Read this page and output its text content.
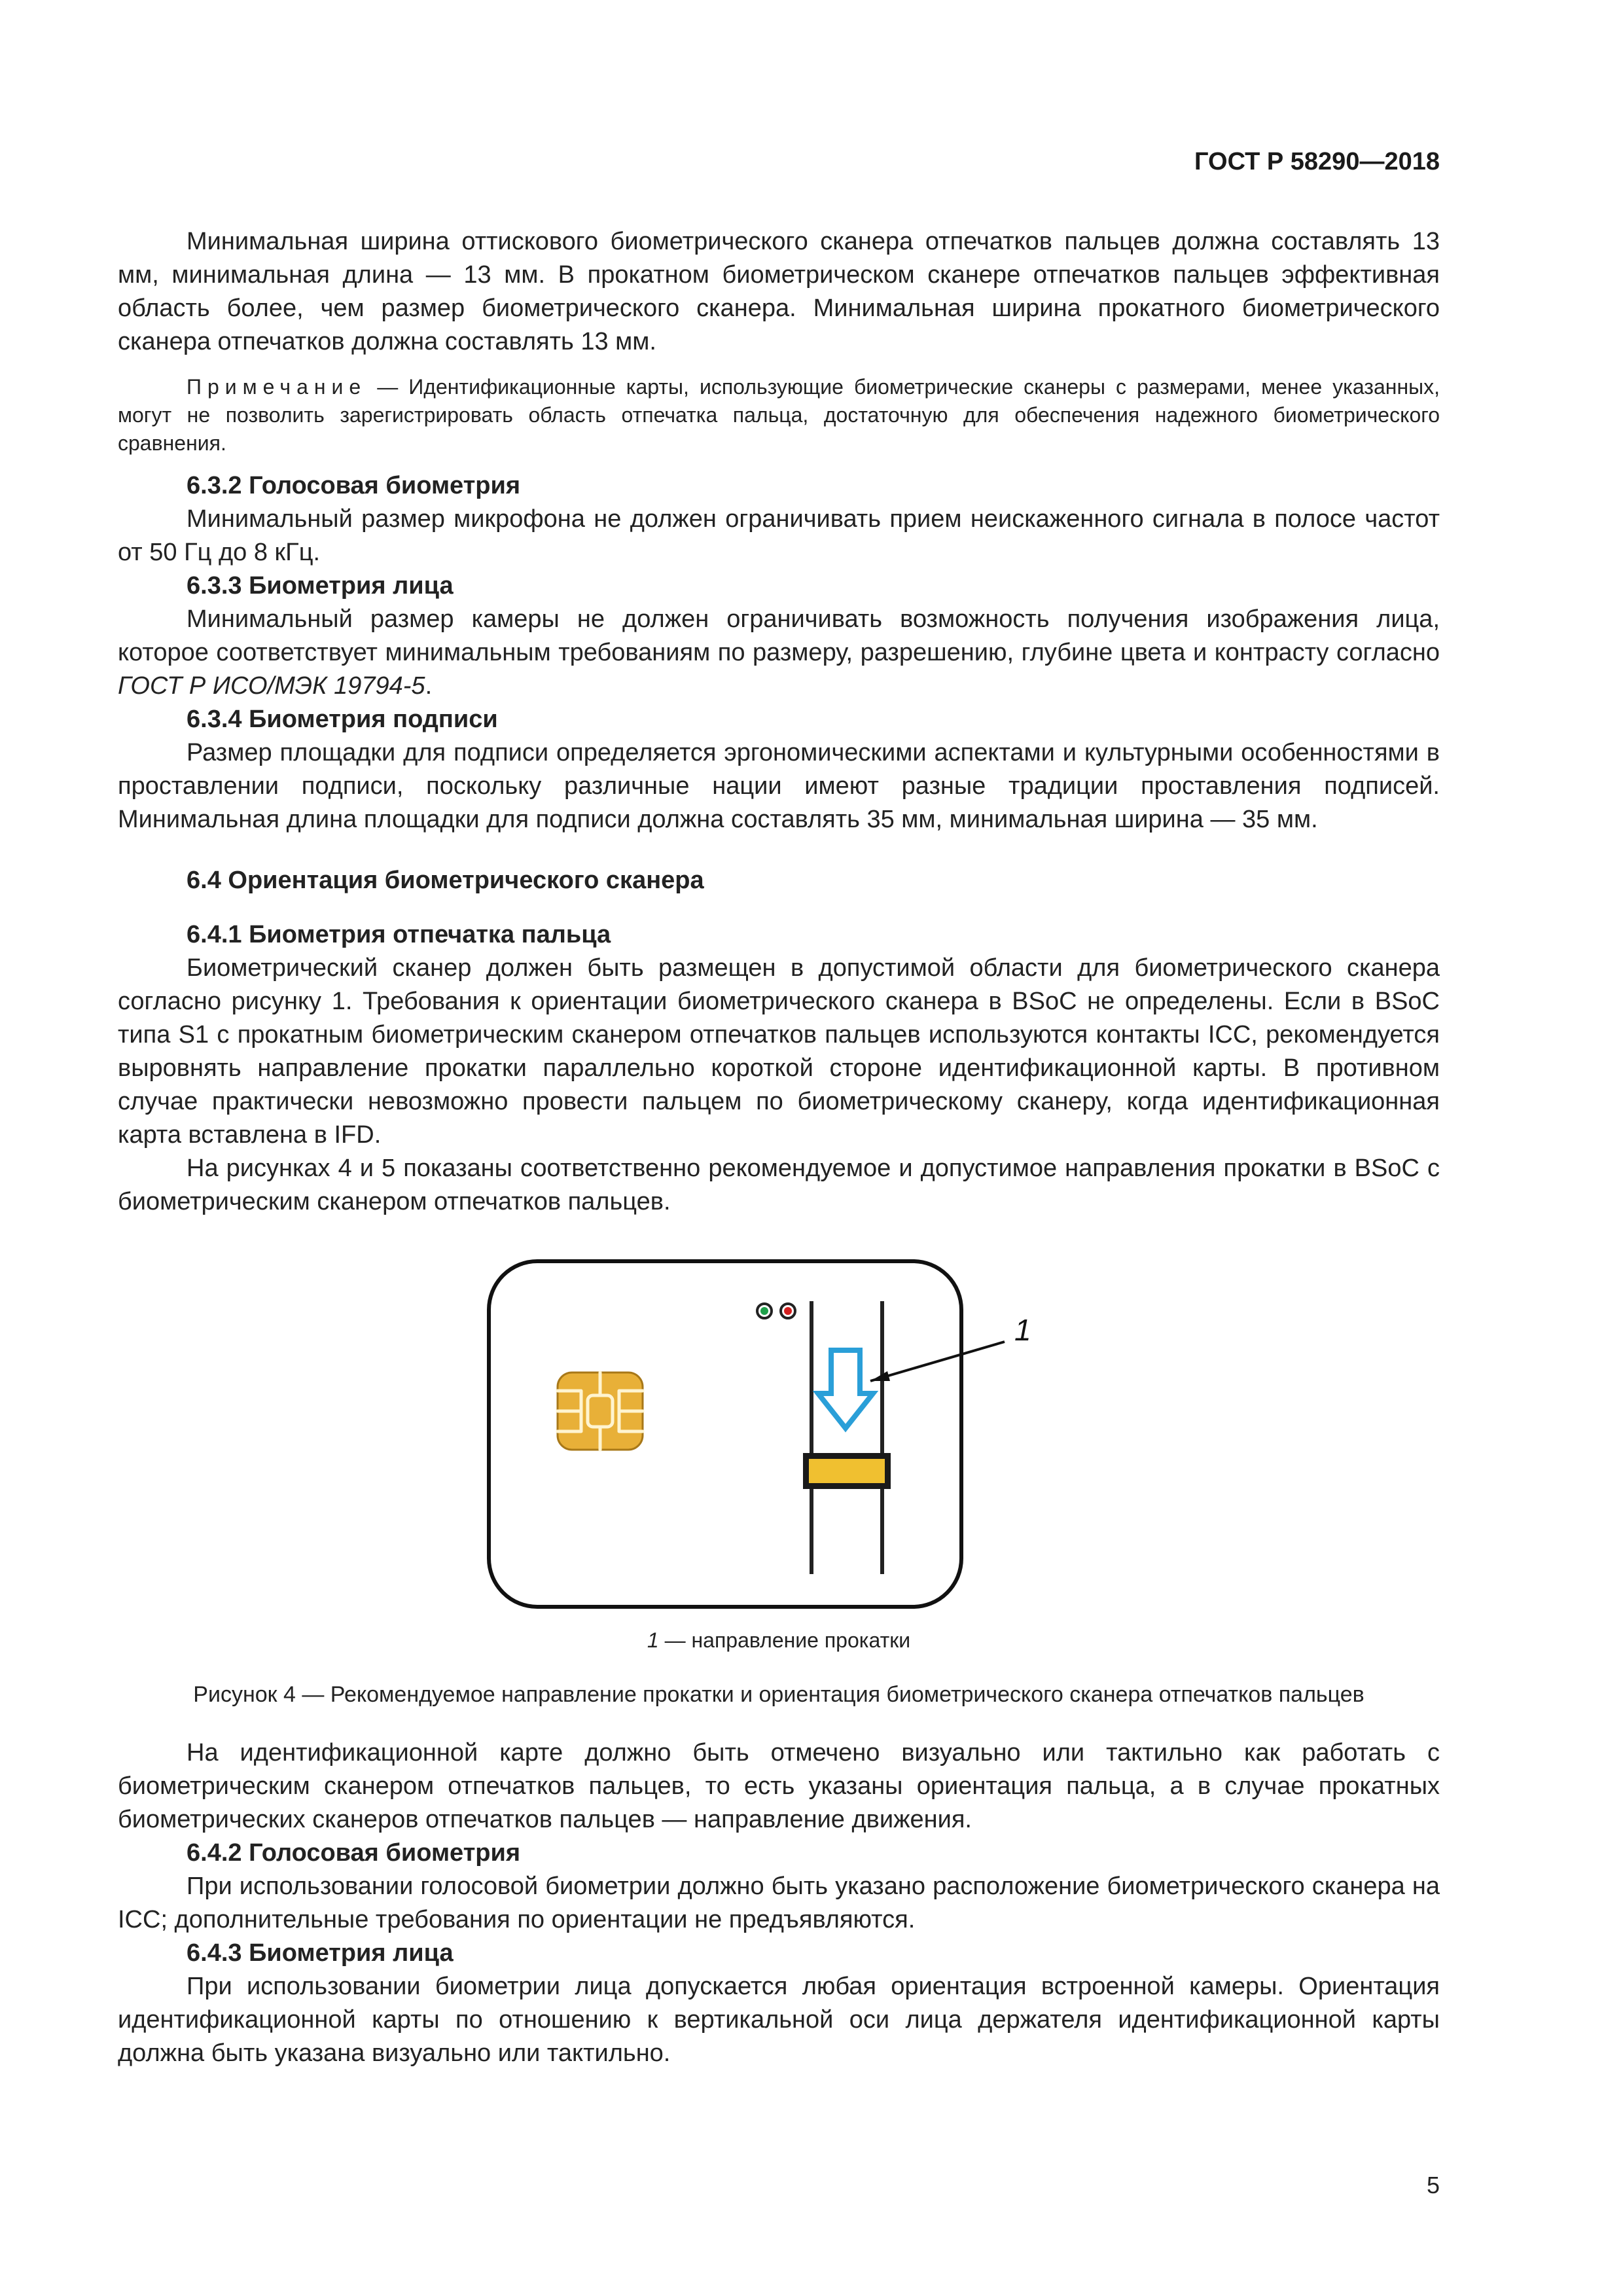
ГОСТ Р 58290—2018

Минимальная ширина оттискового биометрического сканера отпечатков пальцев должна составлять 13 мм, минимальная длина — 13 мм. В прокатном биометрическом сканере отпечатков пальцев эффективная область более, чем размер биометрического сканера. Минимальная ширина прокатного биометрического сканера отпечатков должна составлять 13 мм.

Примечание — Идентификационные карты, использующие биометрические сканеры с размерами, менее указанных, могут не позволить зарегистрировать область отпечатка пальца, достаточную для обеспечения надежного биометрического сравнения.

6.3.2 Голосовая биометрия

Минимальный размер микрофона не должен ограничивать прием неискаженного сигнала в полосе частот от 50 Гц до 8 кГц.

6.3.3 Биометрия лица

Минимальный размер камеры не должен ограничивать возможность получения изображения лица, которое соответствует минимальным требованиям по размеру, разрешению, глубине цвета и контрасту согласно ГОСТ Р ИСО/МЭК 19794-5.

6.3.4 Биометрия подписи

Размер площадки для подписи определяется эргономическими аспектами и культурными особенностями в проставлении подписи, поскольку различные нации имеют разные традиции проставления подписей. Минимальная длина площадки для подписи должна составлять 35 мм, минимальная ширина — 35 мм.

6.4 Ориентация биометрического сканера
6.4.1 Биометрия отпечатка пальца

Биометрический сканер должен быть размещен в допустимой области для биометрического сканера согласно рисунку 1. Требования к ориентации биометрического сканера в BSoC не определены. Если в BSoC типа S1 с прокатным биометрическим сканером отпечатков пальцев используются контакты ICC, рекомендуется выровнять направление прокатки параллельно короткой стороне идентификационной карты. В противном случае практически невозможно провести пальцем по биометрическому сканеру, когда идентификационная карта вставлена в IFD.

На рисунках 4 и 5 показаны соответственно рекомендуемое и допустимое направления прокатки в BSoC с биометрическим сканером отпечатков пальцев.

1
1 — направление прокатки
Рисунок 4 — Рекомендуемое направление прокатки и ориентация биометрического сканера отпечатков пальцев

На идентификационной карте должно быть отмечено визуально или тактильно как работать с биометрическим сканером отпечатков пальцев, то есть указаны ориентация пальца, а в случае прокатных биометрических сканеров отпечатков пальцев — направление движения.

6.4.2 Голосовая биометрия

При использовании голосовой биометрии должно быть указано расположение биометрического сканера на ICC; дополнительные требования по ориентации не предъявляются.

6.4.3 Биометрия лица

При использовании биометрии лица допускается любая ориентация встроенной камеры. Ориентация идентификационной карты по отношению к вертикальной оси лица держателя идентификационной карты должна быть указана визуально или тактильно.

5
